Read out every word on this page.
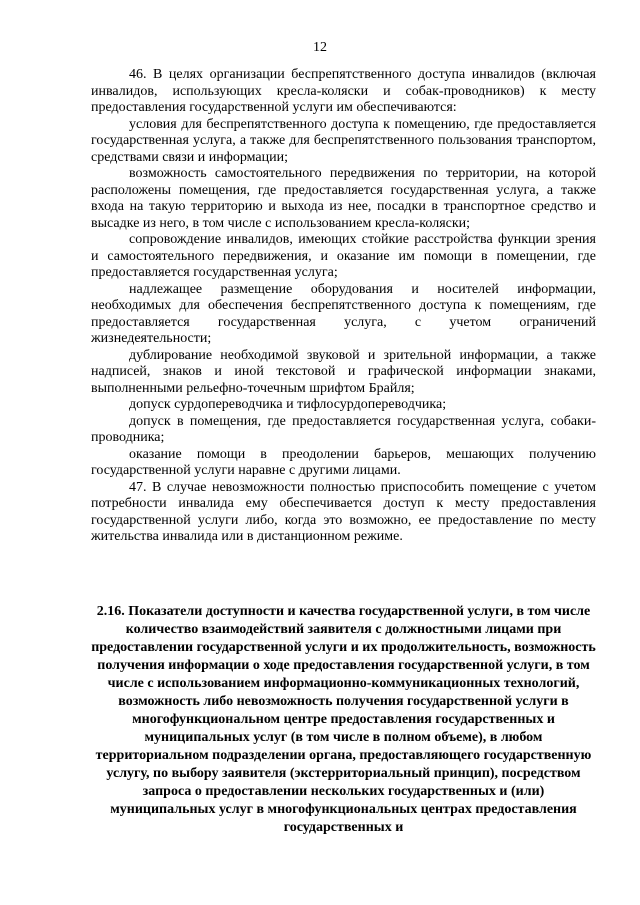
12

46. В целях организации беспрепятственного доступа инвалидов (включая инвалидов, использующих кресла-коляски и собак-проводников) к месту предоставления государственной услуги им обеспечиваются:

условия для беспрепятственного доступа к помещению, где предоставляется государственная услуга, а также для беспрепятственного пользования транспортом, средствами связи и информации;

возможность самостоятельного передвижения по территории, на которой расположены помещения, где предоставляется государственная услуга, а также входа на такую территорию и выхода из нее, посадки в транспортное средство и высадке из него, в том числе с использованием кресла-коляски;

сопровождение инвалидов, имеющих стойкие расстройства функции зрения и самостоятельного передвижения, и оказание им помощи в помещении, где предоставляется государственная услуга;

надлежащее размещение оборудования и носителей информации, необходимых для обеспечения беспрепятственного доступа к помещениям, где предоставляется государственная услуга, с учетом ограничений жизнедеятельности;

дублирование необходимой звуковой и зрительной информации, а также надписей, знаков и иной текстовой и графической информации знаками, выполненными рельефно-точечным шрифтом Брайля;

допуск сурдопереводчика и тифлосурдопереводчика;

допуск в помещения, где предоставляется государственная услуга, собаки-проводника;

оказание помощи в преодолении барьеров, мешающих получению государственной услуги наравне с другими лицами.

47. В случае невозможности полностью приспособить помещение с учетом потребности инвалида ему обеспечивается доступ к месту предоставления государственной услуги либо, когда это возможно, ее предоставление по месту жительства инвалида или в дистанционном режиме.

2.16. Показатели доступности и качества государственной услуги, в том числе количество взаимодействий заявителя с должностными лицами при предоставлении государственной услуги и их продолжительность, возможность получения информации о ходе предоставления государственной услуги, в том числе с использованием информационно-коммуникационных технологий, возможность либо невозможность получения государственной услуги в многофункциональном центре предоставления государственных и муниципальных услуг (в том числе в полном объеме), в любом территориальном подразделении органа, предоставляющего государственную услугу, по выбору заявителя (экстерриториальный принцип), посредством запроса о предоставлении нескольких государственных и (или) муниципальных услуг в многофункциональных центрах предоставления государственных и
